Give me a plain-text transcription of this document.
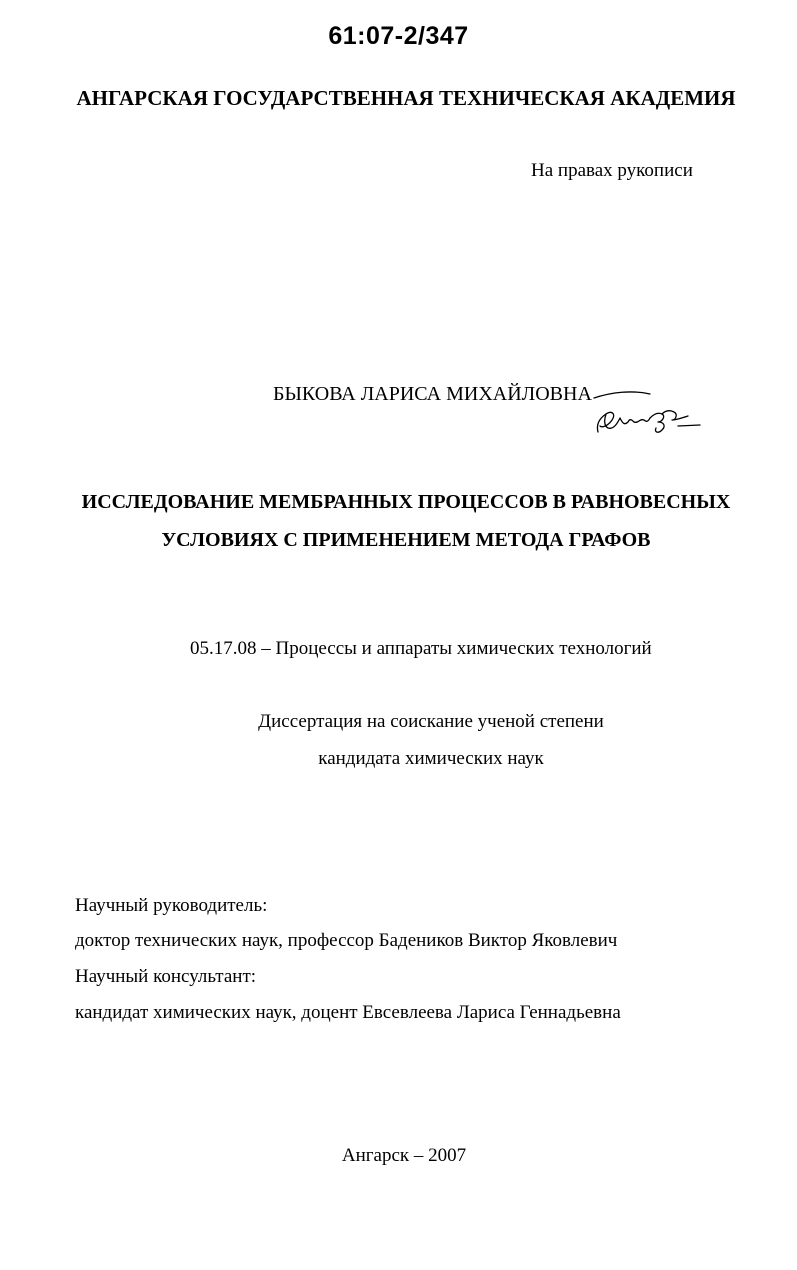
61:07-2/347
АНГАРСКАЯ ГОСУДАРСТВЕННАЯ ТЕХНИЧЕСКАЯ АКАДЕМИЯ
На правах рукописи
БЫКОВА ЛАРИСА МИХАЙЛОВНА
ИССЛЕДОВАНИЕ МЕМБРАННЫХ ПРОЦЕССОВ В РАВНОВЕСНЫХ
УСЛОВИЯХ С ПРИМЕНЕНИЕМ МЕТОДА ГРАФОВ
05.17.08 – Процессы и аппараты химических технологий
Диссертация на соискание ученой степени
кандидата химических наук
Научный руководитель:
доктор технических наук, профессор Бадеников Виктор Яковлевич
Научный консультант:
кандидат химических наук, доцент Евсевлеева Лариса Геннадьевна
Ангарск – 2007
